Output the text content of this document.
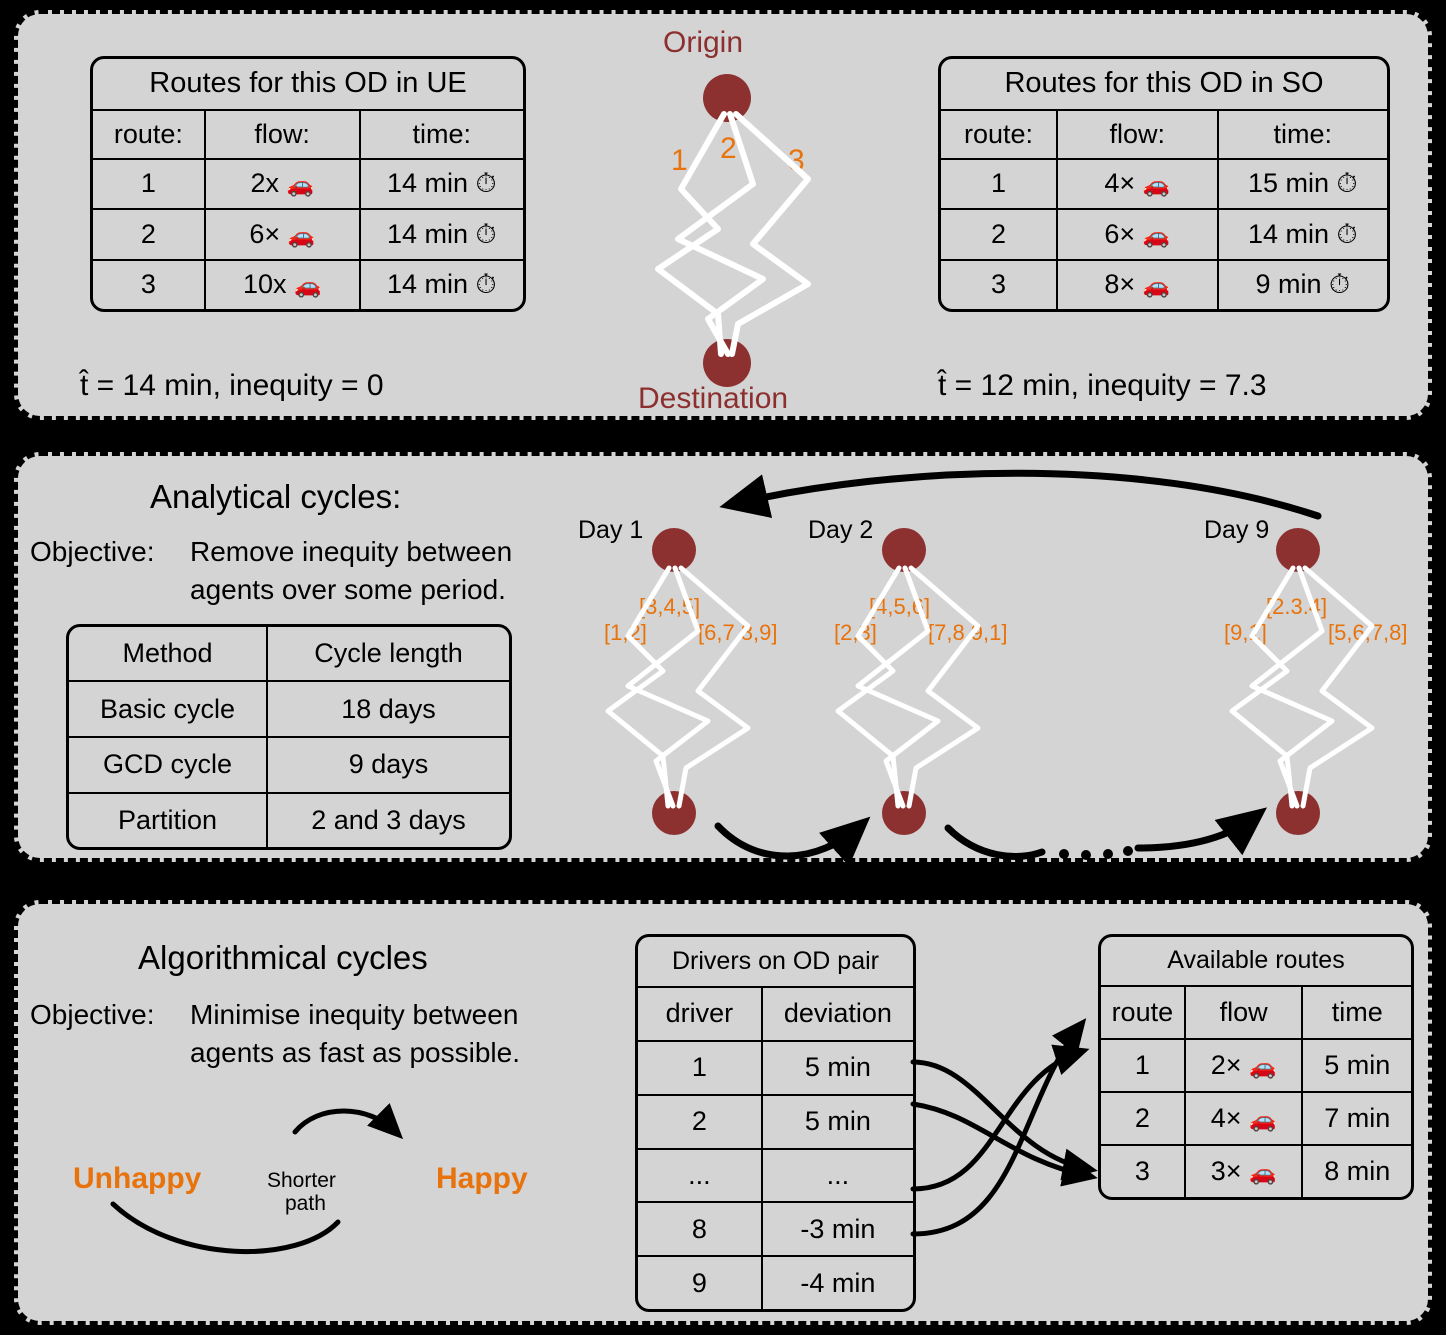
Routes for this OD in UE		
route:	flow:	time:
1	2x 🚗	14 min ⏱
2	6× 🚗	14 min ⏱
3	10x 🚗	14 min ⏱
t̂ = 14 min, inequity = 0
Routes for this OD in SO		
route:	flow:	time:
1	4× 🚗	15 min ⏱
2	6× 🚗	14 min ⏱
3	8× 🚗	9 min ⏱
t̂ = 12 min, inequity = 7.3
Origin
Destination
1 2 3
Analytical cycles:
Objective: Remove inequity between
agents over some period.
Method	Cycle length
Basic cycle	18 days
GCD cycle	9 days
Partition	2 and 3 days
Day 1
[1,2]
[3,4,5]
[6,7,8,9]
Day 2
[2,3]
[4,5,6]
[7,8,9,1]
Day 9
[9,1]
[2.3.4]
[5,6,7,8]
Algorithmical cycles
Objective: Minimise inequity between
agents as fast as possible.
Unhappy	Happy
Shorter
path
Drivers on OD pair	
driver	deviation
1	5 min
2	5 min
...	...
8	-3 min
9	-4 min
Available routes		
route	flow	time
1	2× 🚗	5 min
2	4× 🚗	7 min
3	3× 🚗	8 min
